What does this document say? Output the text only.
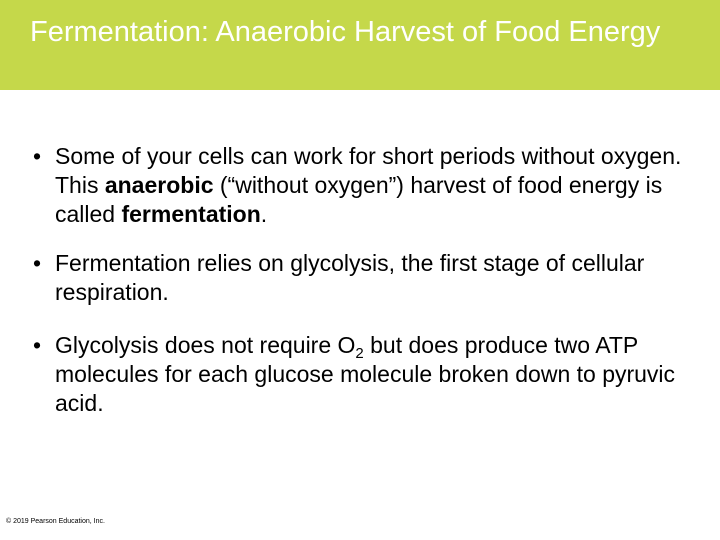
Fermentation: Anaerobic Harvest of Food Energy
• Some of your cells can work for short periods without oxygen. This anaerobic (“without oxygen”) harvest of food energy is called fermentation.
• Fermentation relies on glycolysis, the first stage of cellular respiration.
• Glycolysis does not require $O_2$ but does produce two ATP molecules for each glucose molecule broken down to pyruvic acid.
© 2019 Pearson Education, Inc.
